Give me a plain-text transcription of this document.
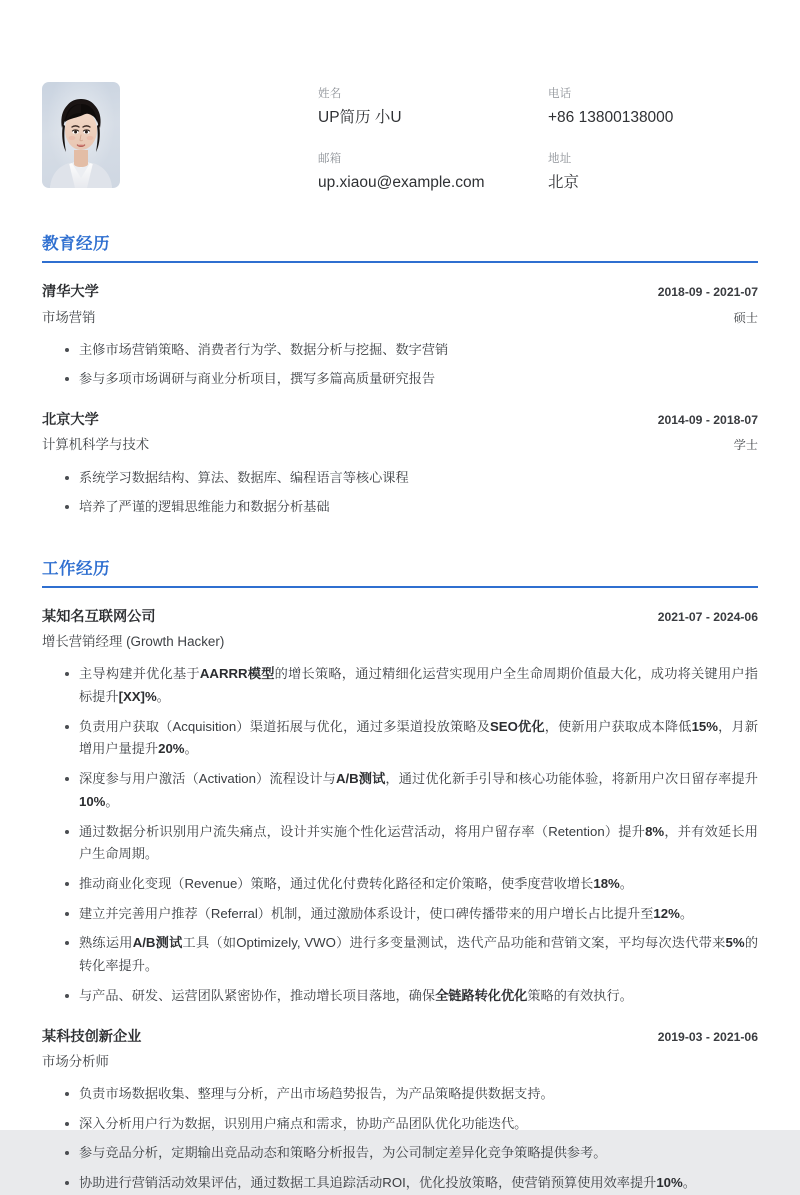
姓名
UP简历 小U
电话
+86 13800138000
邮箱
up.xiaou@example.com
地址
北京
教育经历
清华大学	2018-09 - 2021-07
市场营销	硕士
主修市场营销策略、消费者行为学、数据分析与挖掘、数字营销
参与多项市场调研与商业分析项目，撰写多篇高质量研究报告
北京大学	2014-09 - 2018-07
计算机科学与技术	学士
系统学习数据结构、算法、数据库、编程语言等核心课程
培养了严谨的逻辑思维能力和数据分析基础
工作经历
某知名互联网公司	2021-07 - 2024-06
增长营销经理 (Growth Hacker)
主导构建并优化基于AARRR模型的增长策略，通过精细化运营实现用户全生命周期价值最大化，成功将关键用户指标提升[XX]%。
负责用户获取（Acquisition）渠道拓展与优化，通过多渠道投放策略及SEO优化，使新用户获取成本降低15%，月新增用户量提升20%。
深度参与用户激活（Activation）流程设计与A/B测试，通过优化新手引导和核心功能体验，将新用户次日留存率提升10%。
通过数据分析识别用户流失痛点，设计并实施个性化运营活动，将用户留存率（Retention）提升8%，并有效延长用户生命周期。
推动商业化变现（Revenue）策略，通过优化付费转化路径和定价策略，使季度营收增长18%。
建立并完善用户推荐（Referral）机制，通过激励体系设计，使口碑传播带来的用户增长占比提升至12%。
熟练运用A/B测试工具（如Optimizely, VWO）进行多变量测试，迭代产品功能和营销文案，平均每次迭代带来5%的转化率提升。
与产品、研发、运营团队紧密协作，推动增长项目落地，确保全链路转化优化策略的有效执行。
某科技创新企业	2019-03 - 2021-06
市场分析师
负责市场数据收集、整理与分析，产出市场趋势报告，为产品策略提供数据支持。
深入分析用户行为数据，识别用户痛点和需求，协助产品团队优化功能迭代。
参与竞品分析，定期输出竞品动态和策略分析报告，为公司制定差异化竞争策略提供参考。
协助进行营销活动效果评估，通过数据工具追踪活动ROI，优化投放策略，使营销预算使用效率提升10%。
